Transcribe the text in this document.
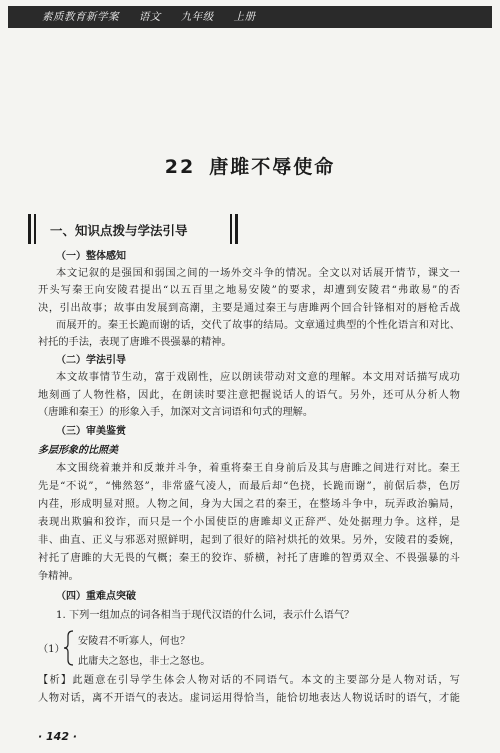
素质教育新学案 语文 九年级 上册
22 唐雎不辱使命
一、知识点拨与学法引导
（一）整体感知
本文记叙的是强国和弱国之间的一场外交斗争的情况。全文以对话展开情节，课文一
开头写秦王向安陵君提出“以五百里之地易安陵”的要求，却遭到安陵君“弗敢易”的否
决，引出故事；故事由发展到高潮，主要是通过秦王与唐雎两个回合针锋相对的唇枪舌战
而展开的。秦王长跪而谢的话，交代了故事的结局。文章通过典型的个性化语言和对比、
衬托的手法，表现了唐雎不畏强暴的精神。
（二）学法引导
本文故事情节生动，富于戏剧性，应以朗读带动对文意的理解。本文用对话描写成功
地刻画了人物性格，因此，在朗读时要注意把握说话人的语气。另外，还可从分析人物
（唐雎和秦王）的形象入手，加深对文言词语和句式的理解。
（三）审美鉴赏
多层形象的比照美
本文围绕着兼并和反兼并斗争，着重将秦王自身前后及其与唐雎之间进行对比。秦王
先是“不说”，“怫然怒”，非常盛气凌人，而最后却“色挠，长跪而谢”，前倨后恭，色厉
内荏，形成明显对照。人物之间，身为大国之君的秦王，在整场斗争中，玩弄政治骗局，
表现出欺骗和狡诈，而只是一个小国使臣的唐雎却义正辞严、处处据理力争。这样，是
非、曲直、正义与邪恶对照鲜明，起到了很好的陪衬烘托的效果。另外，安陵君的委婉，
衬托了唐雎的大无畏的气概；秦王的狡诈、骄横，衬托了唐雎的智勇双全、不畏强暴的斗
争精神。
（四）重难点突破
1. 下列一组加点的词各相当于现代汉语的什么词，表示什么语气？
（1）
安陵君不听寡人，何也？
此庸夫之怒也，非士之怒也。
【析】此题意在引导学生体会人物对话的不同语气。本文的主要部分是人物对话，写
人物对话，离不开语气的表达。虚词运用得恰当，能恰切地表达人物说话时的语气，才能
· 142 ·
